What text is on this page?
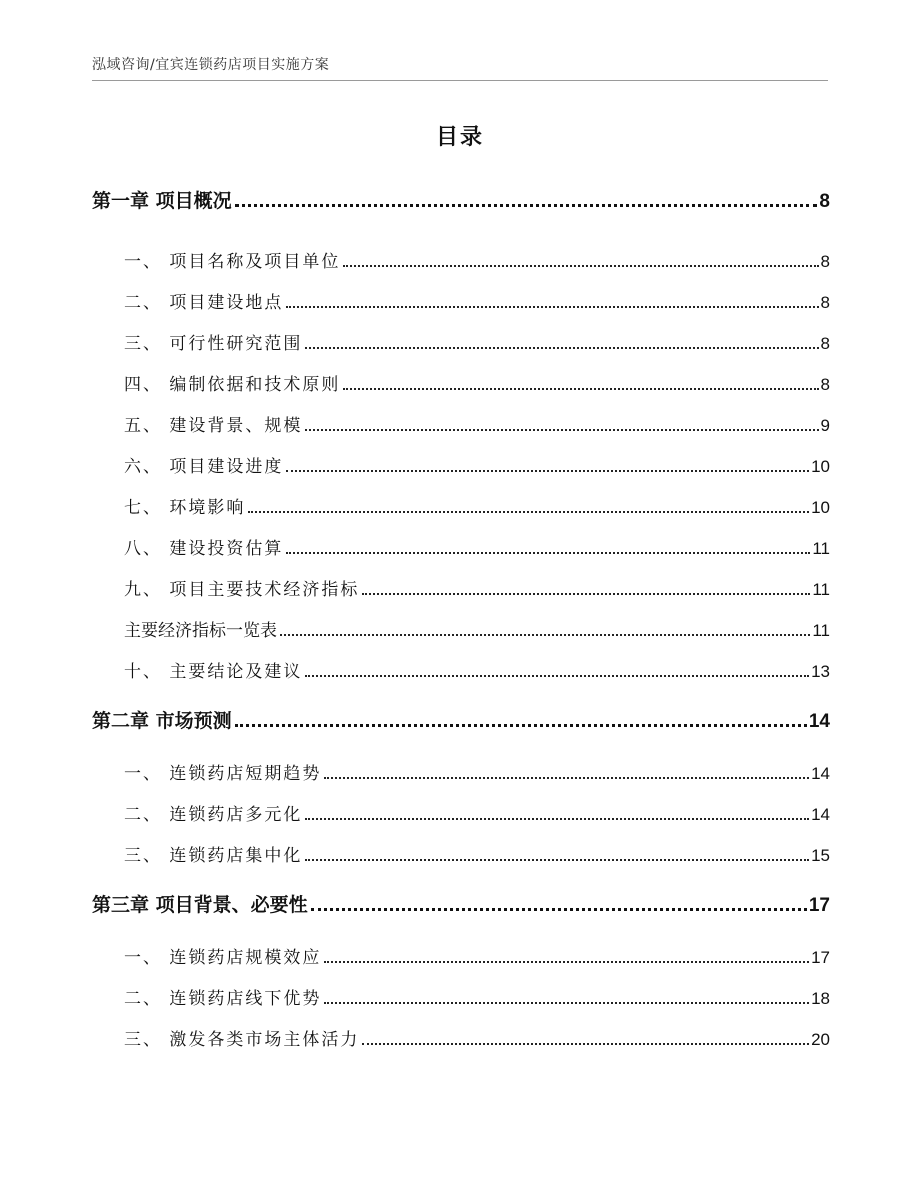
泓域咨询/宜宾连锁药店项目实施方案
目录
第一章 项目概况	8
一、 项目名称及项目单位	8
二、 项目建设地点	8
三、 可行性研究范围	8
四、 编制依据和技术原则	8
五、 建设背景、规模	9
六、 项目建设进度	10
七、 环境影响	10
八、 建设投资估算	11
九、 项目主要技术经济指标	11
主要经济指标一览表	11
十、 主要结论及建议	13
第二章 市场预测	14
一、 连锁药店短期趋势	14
二、 连锁药店多元化	14
三、 连锁药店集中化	15
第三章 项目背景、必要性	17
一、 连锁药店规模效应	17
二、 连锁药店线下优势	18
三、 激发各类市场主体活力	20
